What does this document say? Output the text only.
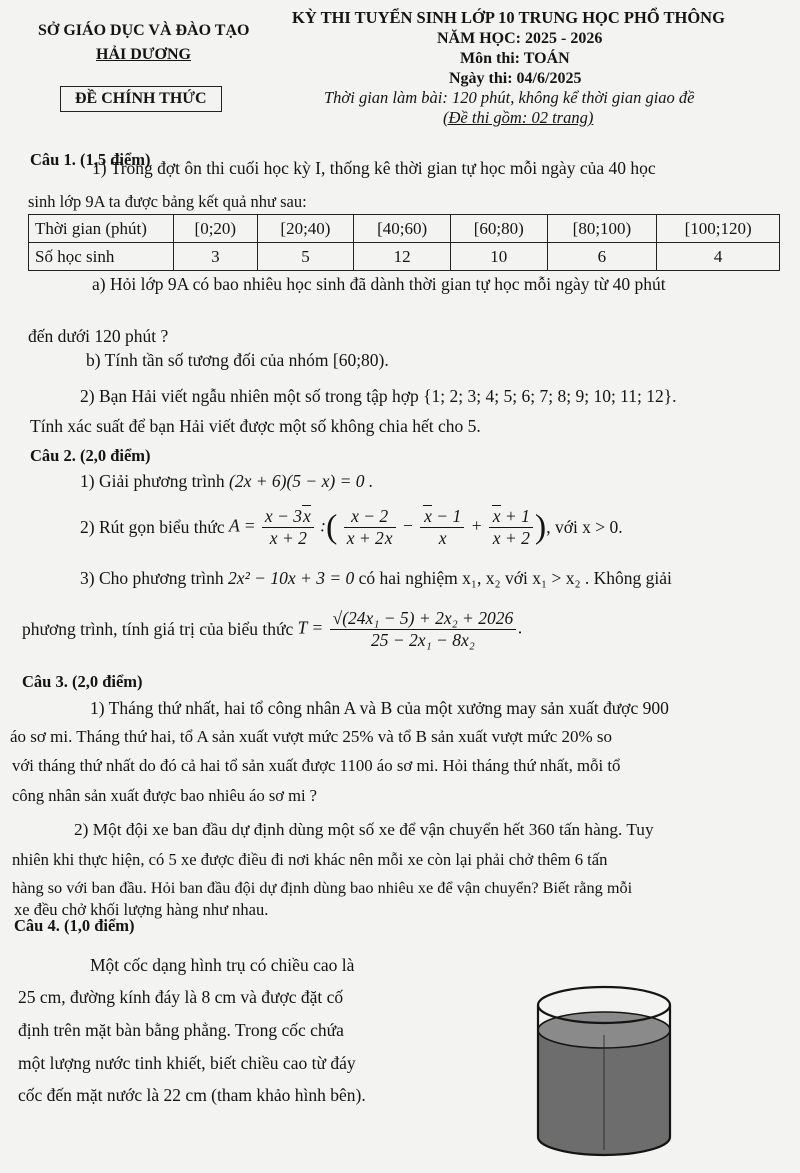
SỞ GIÁO DỤC VÀ ĐÀO TẠO
HẢI DƯƠNG
ĐỀ CHÍNH THỨC
KỲ THI TUYỂN SINH LỚP 10 TRUNG HỌC PHỔ THÔNG
NĂM HỌC: 2025 - 2026
Môn thi: TOÁN
Ngày thi: 04/6/2025
Thời gian làm bài: 120 phút, không kể thời gian giao đề
(Đề thi gồm: 02 trang)
Câu 1. (1,5 điểm)
1) Trong đợt ôn thi cuối học kỳ I, thống kê thời gian tự học mỗi ngày của 40 học
sinh lớp 9A ta được bảng kết quả như sau:
Thời gian (phút)	[0;20)	[20;40)	[40;60)	[60;80)	[80;100)	[100;120)
Số học sinh	3	5	12	10	6	4
a) Hỏi lớp 9A có bao nhiêu học sinh đã dành thời gian tự học mỗi ngày từ 40 phút
đến dưới 120 phút ?
b) Tính tần số tương đối của nhóm [60;80).
2) Bạn Hải viết ngẫu nhiên một số trong tập hợp {1; 2; 3; 4; 5; 6; 7; 8; 9; 10; 11; 12}.
Tính xác suất để bạn Hải viết được một số không chia hết cho 5.
Câu 2. (2,0 điểm)
1) Giải phương trình (2x + 6)(5 − x) = 0 .
2) Rút gọn biểu thức
$A = \frac{x - 3x}{x + 2}$ :( $\frac{x - 2}{x + 2x} - \frac{x - 1}{x} + \frac{x + 1}{x + 2}$ ) , với x > 0.
3) Cho phương trình 2x² − 10x + 3 = 0 có hai nghiệm x₁, x₂ với x₁ > x₂ . Không giải
phương trình, tính giá trị của biểu thức
$T = \frac{\text{√(24x₁ − 5) + 2x₂ + 2026}}{\text{25 − 2x₁ − 8x₂}}$ .
Câu 3. (2,0 điểm)
1) Tháng thứ nhất, hai tổ công nhân A và B của một xưởng may sản xuất được 900
áo sơ mi. Tháng thứ hai, tổ A sản xuất vượt mức 25% và tổ B sản xuất vượt mức 20% so
với tháng thứ nhất do đó cả hai tổ sản xuất được 1100 áo sơ mi. Hỏi tháng thứ nhất, mỗi tổ
công nhân sản xuất được bao nhiêu áo sơ mi ?
2) Một đội xe ban đầu dự định dùng một số xe để vận chuyển hết 360 tấn hàng. Tuy
nhiên khi thực hiện, có 5 xe được điều đi nơi khác nên mỗi xe còn lại phải chở thêm 6 tấn
hàng so với ban đầu. Hỏi ban đầu đội dự định dùng bao nhiêu xe để vận chuyển? Biết rằng mỗi
xe đều chở khối lượng hàng như nhau.
Câu 4. (1,0 điểm)
Một cốc dạng hình trụ có chiều cao là
25 cm, đường kính đáy là 8 cm và được đặt cố
định trên mặt bàn bằng phẳng. Trong cốc chứa
một lượng nước tinh khiết, biết chiều cao từ đáy
cốc đến mặt nước là 22 cm (tham khảo hình bên).
